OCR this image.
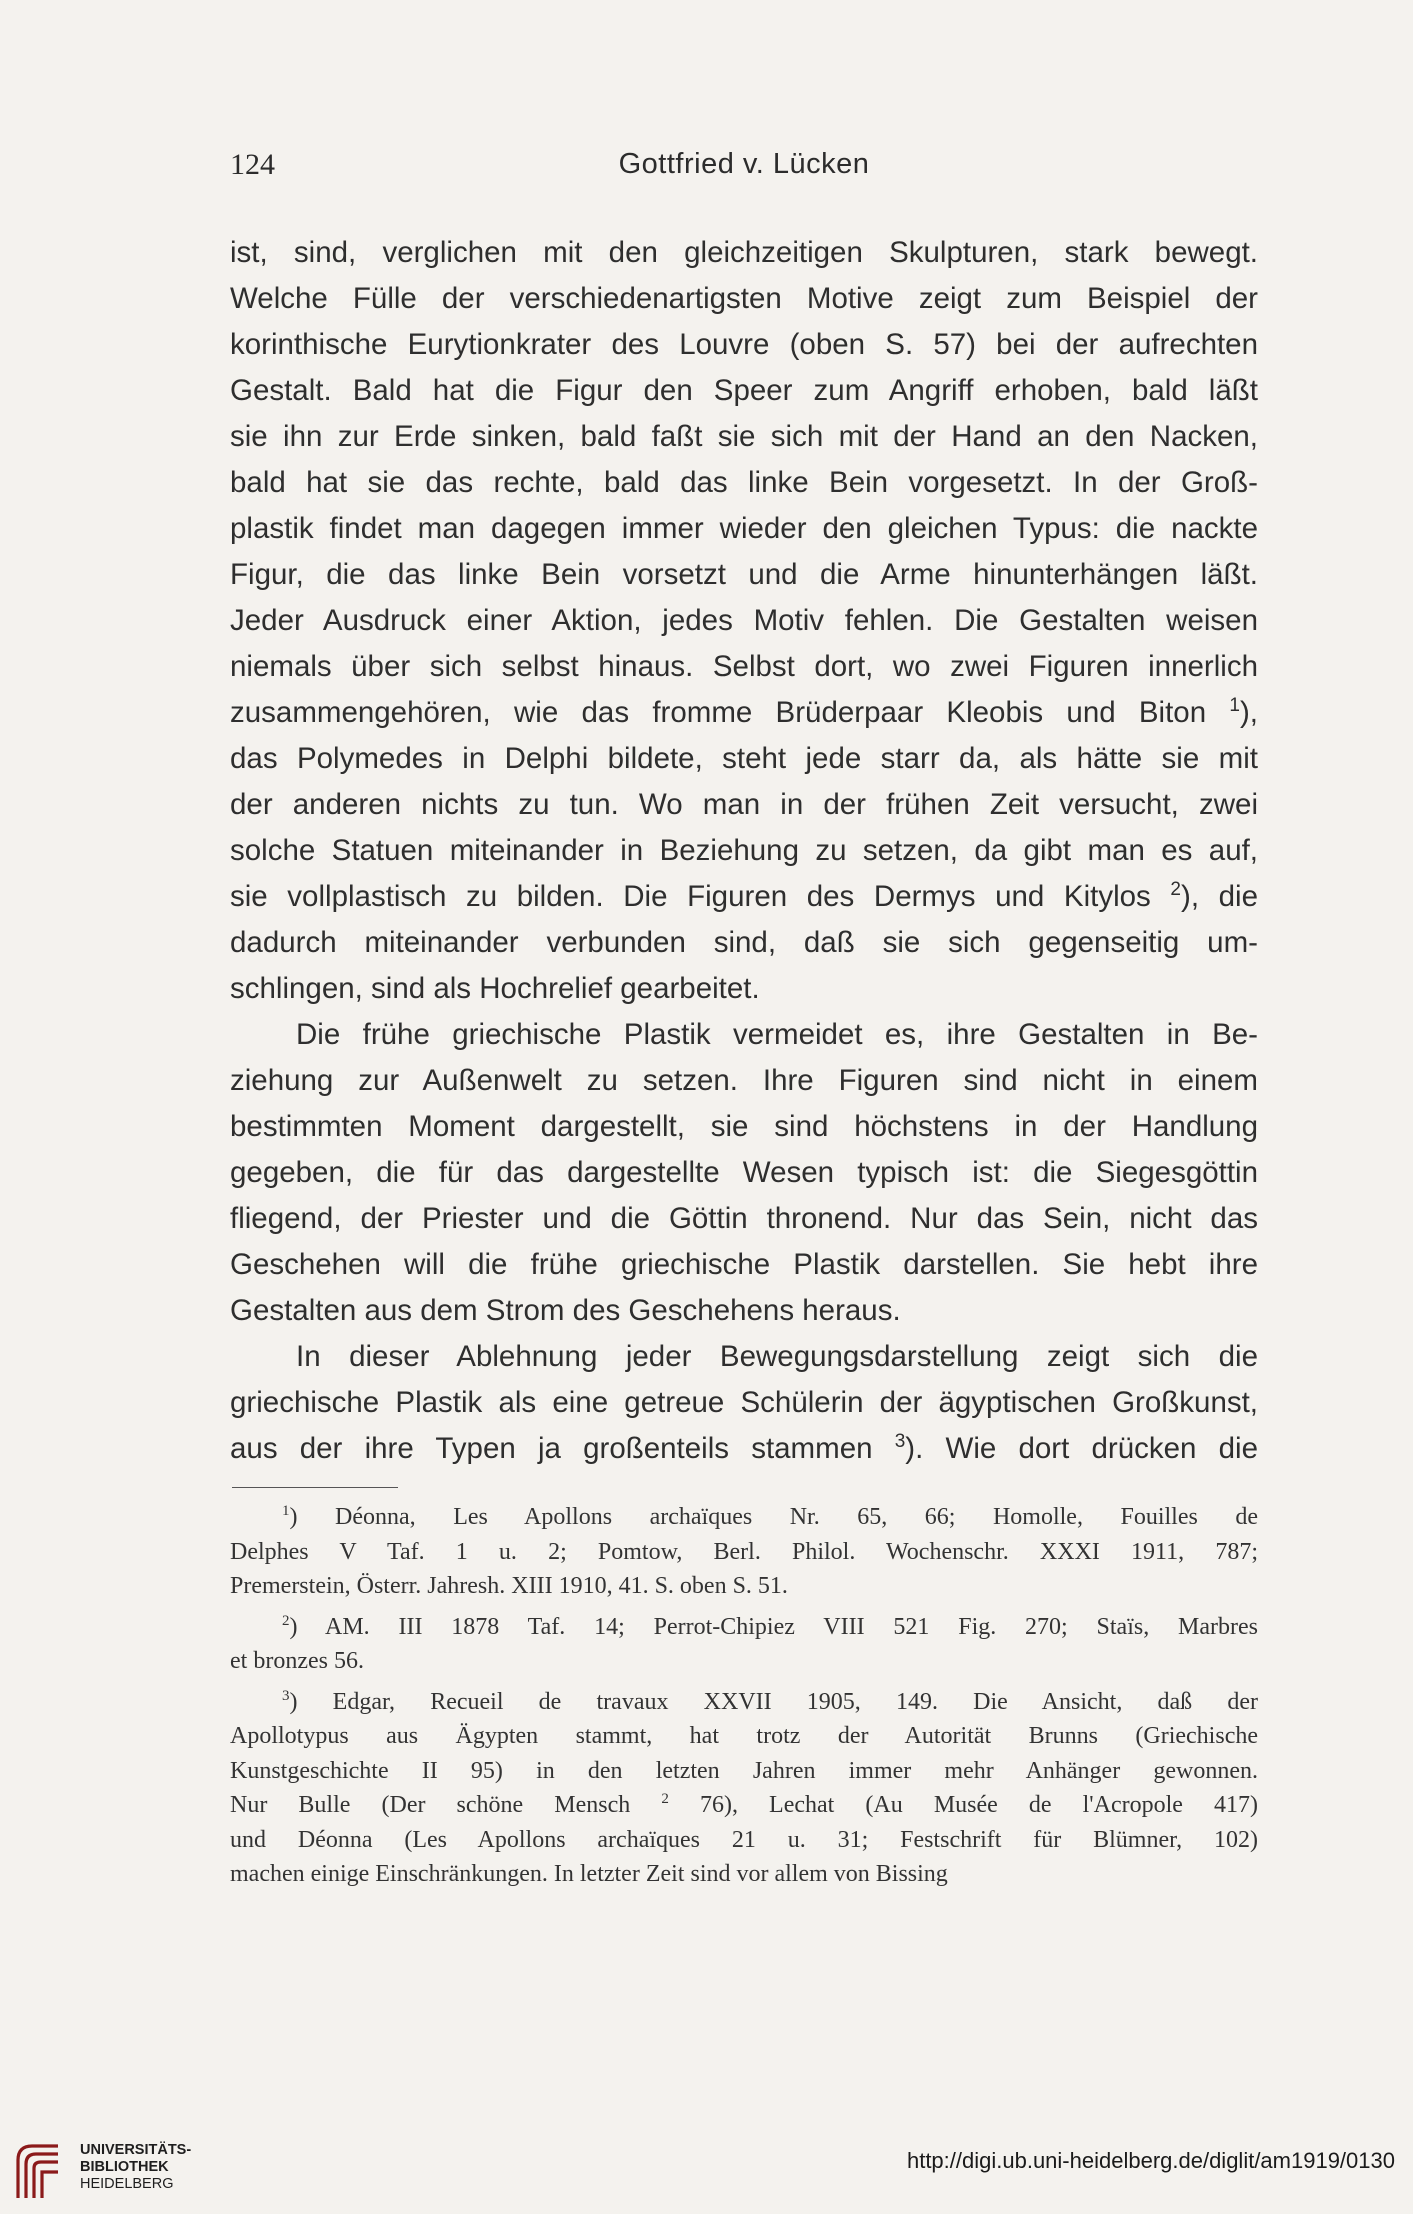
124	Gottfried v. Lücken

ist, sind, verglichen mit den gleichzeitigen Skulpturen, stark bewegt.
Welche Fülle der verschiedenartigsten Motive zeigt zum Beispiel der
korinthische Eurytionkrater des Louvre (oben S. 57) bei der aufrechten
Gestalt. Bald hat die Figur den Speer zum Angriff erhoben, bald läßt
sie ihn zur Erde sinken, bald faßt sie sich mit der Hand an den Nacken,
bald hat sie das rechte, bald das linke Bein vorgesetzt. In der Groß-
plastik findet man dagegen immer wieder den gleichen Typus: die nackte
Figur, die das linke Bein vorsetzt und die Arme hinunterhängen läßt.
Jeder Ausdruck einer Aktion, jedes Motiv fehlen. Die Gestalten weisen
niemals über sich selbst hinaus. Selbst dort, wo zwei Figuren innerlich
zusammengehören, wie das fromme Brüderpaar Kleobis und Biton $^1$),
das Polymedes in Delphi bildete, steht jede starr da, als hätte sie mit
der anderen nichts zu tun. Wo man in der frühen Zeit versucht, zwei
solche Statuen miteinander in Beziehung zu setzen, da gibt man es auf,
sie vollplastisch zu bilden. Die Figuren des Dermys und Kitylos $^2$), die
dadurch miteinander verbunden sind, daß sie sich gegenseitig um-
schlingen, sind als Hochrelief gearbeitet.

Die frühe griechische Plastik vermeidet es, ihre Gestalten in Be-
ziehung zur Außenwelt zu setzen. Ihre Figuren sind nicht in einem
bestimmten Moment dargestellt, sie sind höchstens in der Handlung
gegeben, die für das dargestellte Wesen typisch ist: die Siegesgöttin
fliegend, der Priester und die Göttin thronend. Nur das Sein, nicht das
Geschehen will die frühe griechische Plastik darstellen. Sie hebt ihre
Gestalten aus dem Strom des Geschehens heraus.

In dieser Ablehnung jeder Bewegungsdarstellung zeigt sich die
griechische Plastik als eine getreue Schülerin der ägyptischen Großkunst,
aus der ihre Typen ja großenteils stammen $^3$). Wie dort drücken die

$^1$) Déonna, Les Apollons archaïques Nr. 65, 66; Homolle, Fouilles de
Delphes V Taf. 1 u. 2; Pomtow, Berl. Philol. Wochenschr. XXXI 1911, 787;
Premerstein, Österr. Jahresh. XIII 1910, 41. S. oben S. 51.
$^2$) AM. III 1878 Taf. 14; Perrot-Chipiez VIII 521 Fig. 270; Staïs, Marbres
et bronzes 56.
$^3$) Edgar, Recueil de travaux XXVII 1905, 149. Die Ansicht, daß der
Apollotypus aus Ägypten stammt, hat trotz der Autorität Brunns (Griechische
Kunstgeschichte II 95) in den letzten Jahren immer mehr Anhänger gewonnen.
Nur Bulle (Der schöne Mensch $^2$ 76), Lechat (Au Musée de l'Acropole 417)
und Déonna (Les Apollons archaïques 21 u. 31; Festschrift für Blümner, 102)
machen einige Einschränkungen. In letzter Zeit sind vor allem von Bissing
UNIVERSITÄTS-
BIBLIOTHEK
HEIDELBERG
http://digi.ub.uni-heidelberg.de/diglit/am1919/0130
